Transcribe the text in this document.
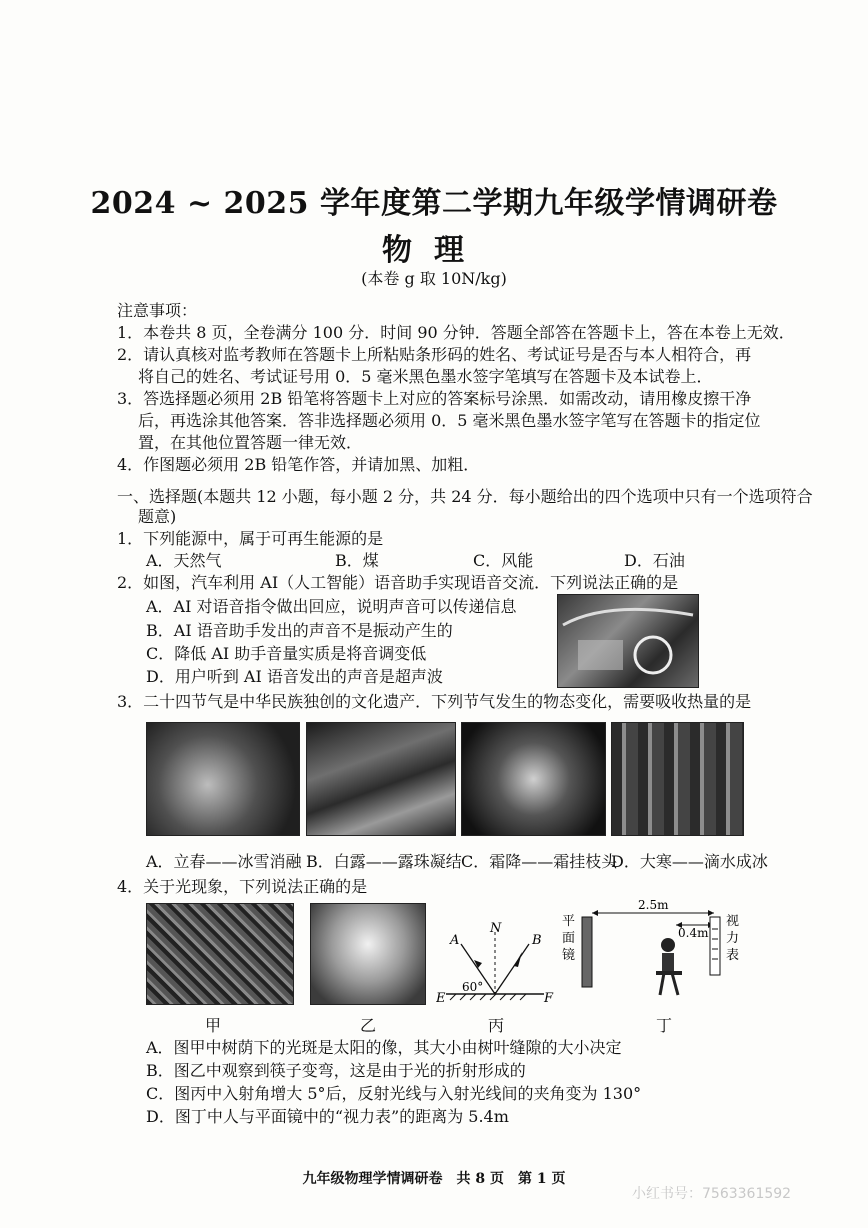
2024 ~ 2025 学年度第二学期九年级学情调研卷
物理
(本卷 g 取 10N/kg)
注意事项：
1．本卷共 8 页，全卷满分 100 分．时间 90 分钟．答题全部答在答题卡上，答在本卷上无效．
2．请认真核对监考教师在答题卡上所粘贴条形码的姓名、考试证号是否与本人相符合，再
将自己的姓名、考试证号用 0．5 毫米黑色墨水签字笔填写在答题卡及本试卷上．
3．答选择题必须用 2B 铅笔将答题卡上对应的答案标号涂黑．如需改动，请用橡皮擦干净
后，再选涂其他答案．答非选择题必须用 0．5 毫米黑色墨水签字笔写在答题卡的指定位
置，在其他位置答题一律无效．
4．作图题必须用 2B 铅笔作答，并请加黑、加粗．
一、选择题(本题共 12 小题，每小题 2 分，共 24 分．每小题给出的四个选项中只有一个选项符合
题意)
1．下列能源中，属于可再生能源的是
A．天然气	B．煤	C．风能	D．石油
2．如图，汽车利用 AI（人工智能）语音助手实现语音交流．下列说法正确的是
A．AI 对语音指令做出回应，说明声音可以传递信息
B．AI 语音助手发出的声音不是振动产生的
C．降低 AI 助手音量实质是将音调变低
D．用户听到 AI 语音发出的声音是超声波
3．二十四节气是中华民族独创的文化遗产．下列节气发生的物态变化，需要吸收热量的是
A．立春——冰雪消融 B．白露——露珠凝结 C．霜降——霜挂枝头
D．大寒——滴水成冰
4．关于光现象，下列说法正确的是
A
N
B
E	F
60°
平
面
镜
2.5m
0.4m
视
力
表
甲	乙	丙	丁
A．图甲中树荫下的光斑是太阳的像，其大小由树叶缝隙的大小决定
B．图乙中观察到筷子变弯，这是由于光的折射形成的
C．图丙中入射角增大 5°后，反射光线与入射光线间的夹角变为 130°
D．图丁中人与平面镜中的“视力表”的距离为 5.4m
九年级物理学情调研卷　共 8 页　第 1 页
小红书号：7563361592
